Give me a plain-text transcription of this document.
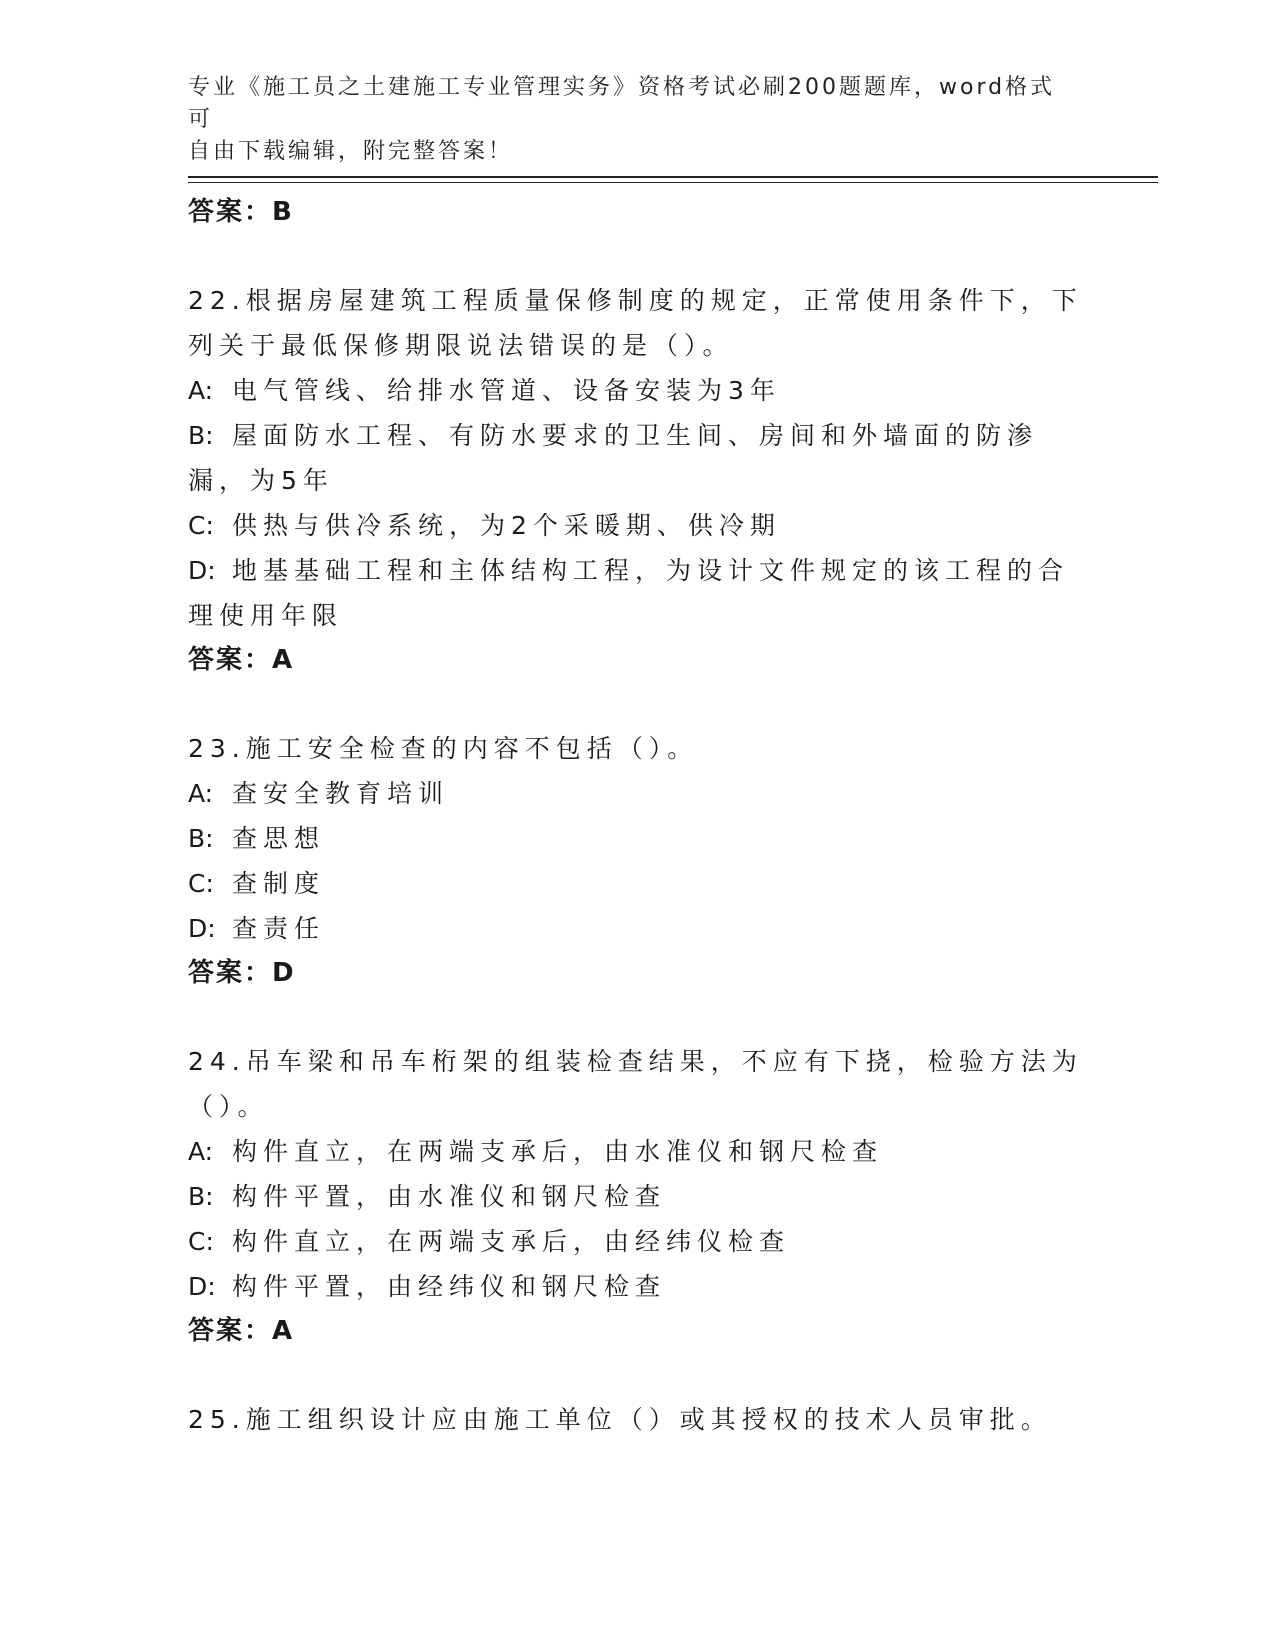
专业《施工员之土建施工专业管理实务》资格考试必刷200题题库，word格式可
自由下载编辑，附完整答案！

答案：B

22.根据房屋建筑工程质量保修制度的规定，正常使用条件下，下列关于最低保修期限说法错误的是（）。

A: 电气管线、给排水管道、设备安装为3年

B: 屋面防水工程、有防水要求的卫生间、房间和外墙面的防渗漏，为5年

C: 供热与供冷系统，为2个采暖期、供冷期

D: 地基基础工程和主体结构工程，为设计文件规定的该工程的合理使用年限

答案：A

23.施工安全检查的内容不包括（）。

A: 查安全教育培训

B: 查思想

C: 查制度

D: 查责任

答案：D

24.吊车梁和吊车桁架的组装检查结果，不应有下挠，检验方法为（）。

A: 构件直立，在两端支承后，由水准仪和钢尺检查

B: 构件平置，由水准仪和钢尺检查

C: 构件直立，在两端支承后，由经纬仪检查

D: 构件平置，由经纬仪和钢尺检查

答案：A

25.施工组织设计应由施工单位（）或其授权的技术人员审批。
